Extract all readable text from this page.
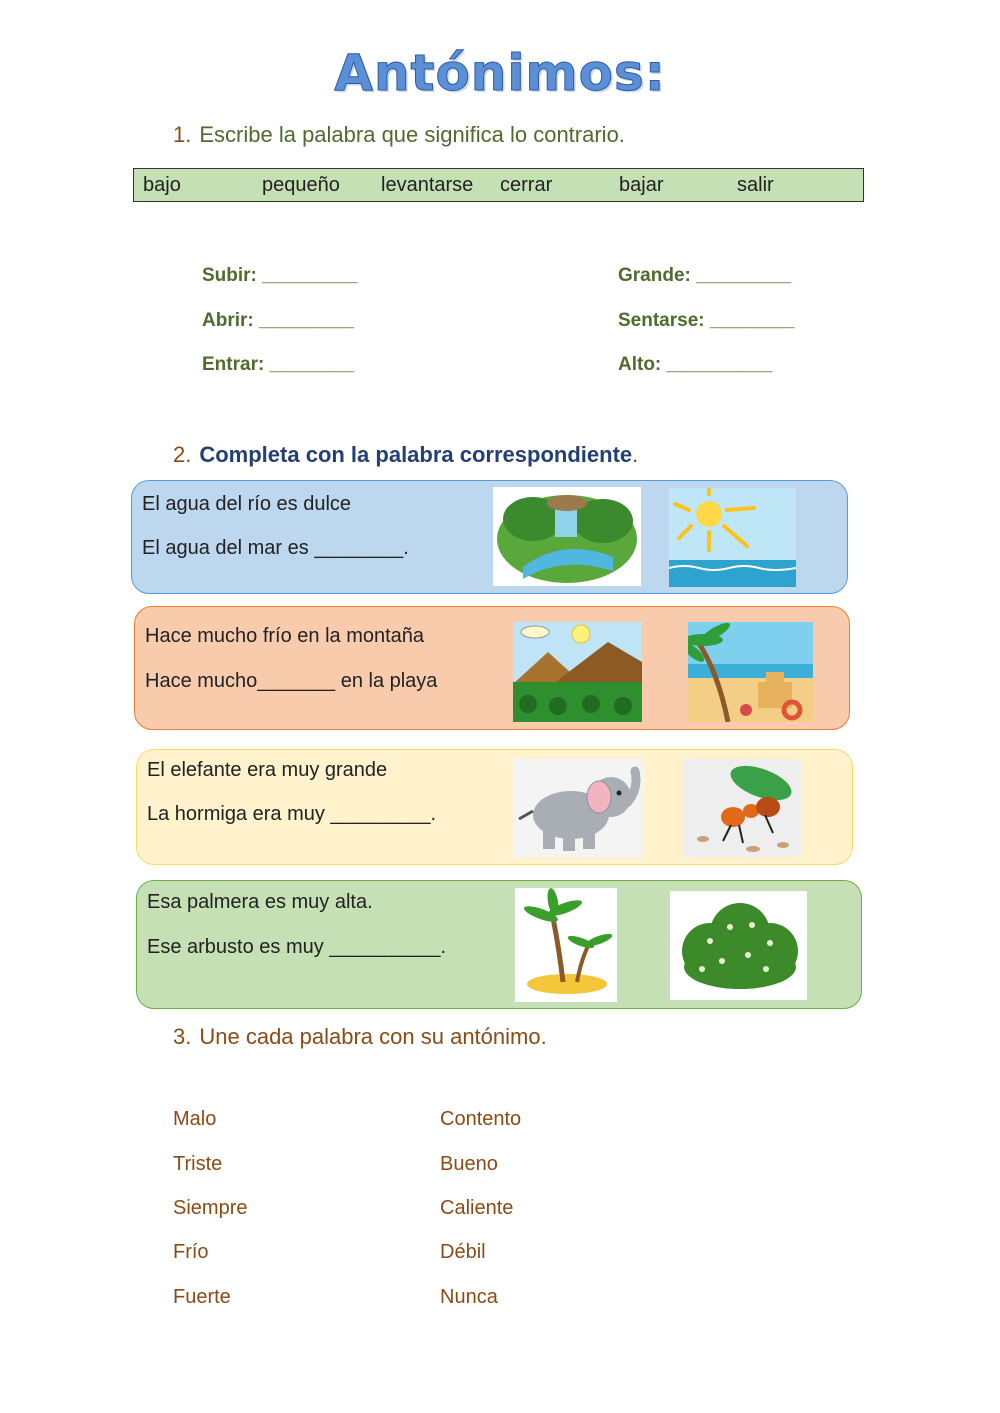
Antónimos:
1. Escribe la palabra que significa lo contrario.
bajo	pequeño levantarse cerrar	bajar	salir
Subir: _________
Abrir: _________
Entrar: ________
Grande: _________
Sentarse: ________
Alto: __________
2. Completa con la palabra correspondiente.
El agua del río es dulce
El agua del mar es ________.
Hace mucho frío en la montaña
Hace mucho_______ en la playa
El elefante era muy grande
La hormiga era muy _________.
Esa palmera es muy alta.
Ese arbusto es muy __________.
3. Une cada palabra con su antónimo.
Malo
Triste
Siempre
Frío
Fuerte
Contento
Bueno
Caliente
Débil
Nunca
